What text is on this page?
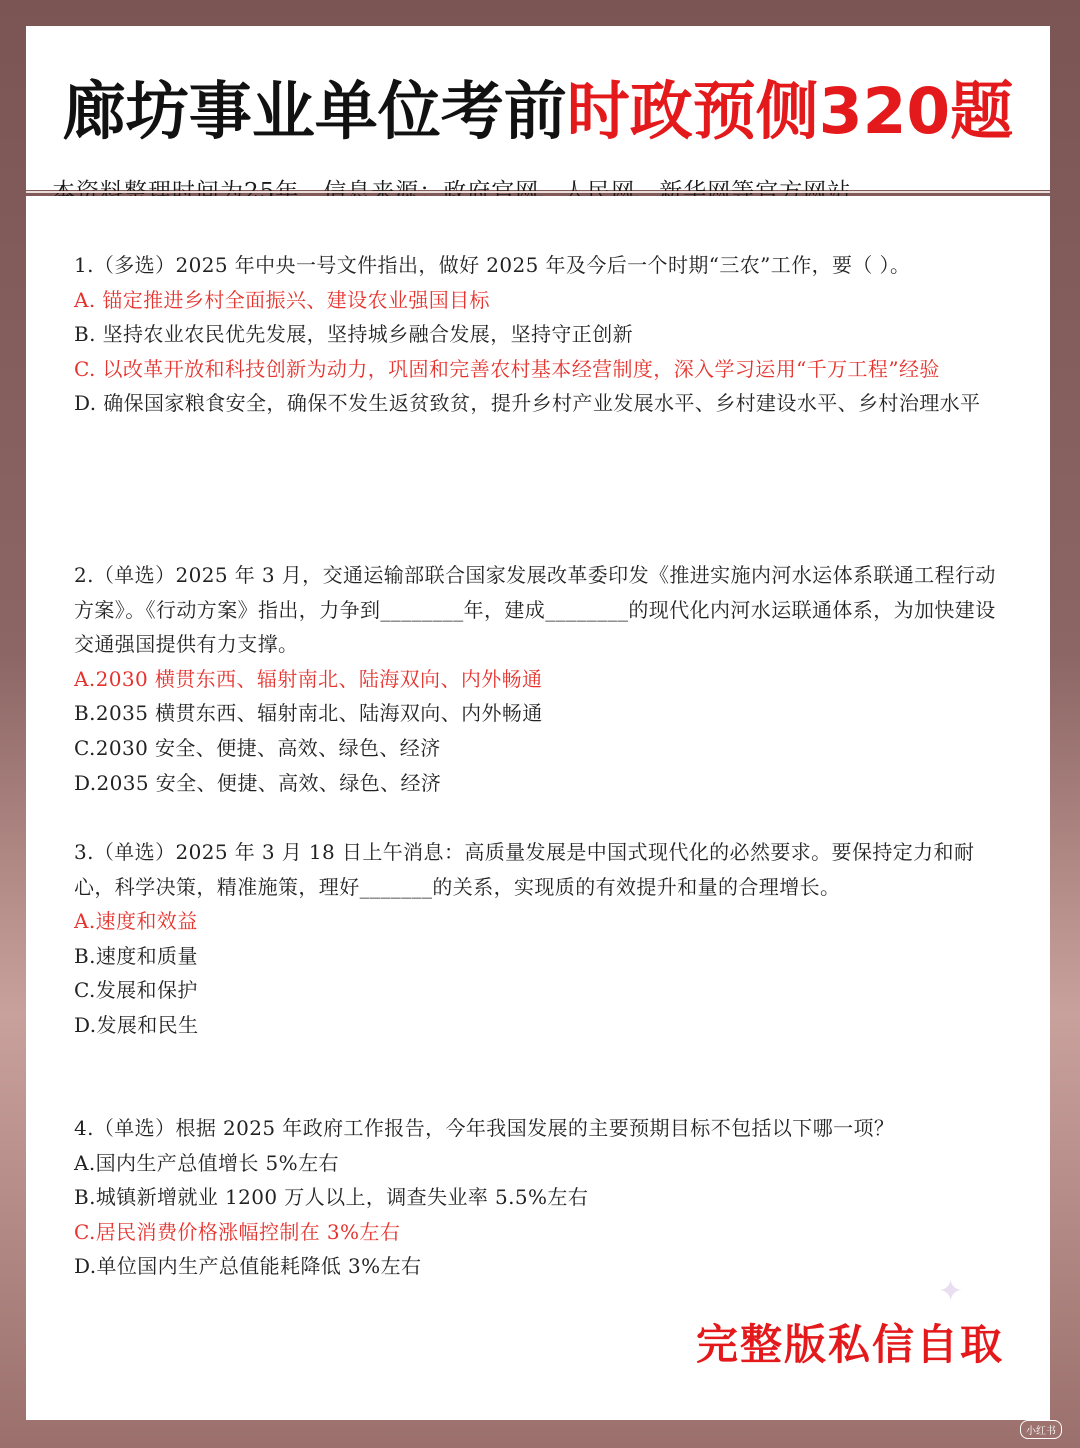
廊坊事业单位考前时政预侧320题
1.（多选）2025 年中央一号文件指出，做好 2025 年及今后一个时期“三农”工作，要（ ）。
A. 锚定推进乡村全面振兴、建设农业强国目标
B. 坚持农业农民优先发展，坚持城乡融合发展，坚持守正创新
C. 以改革开放和科技创新为动力，巩固和完善农村基本经营制度，深入学习运用“千万工程”经验
D. 确保国家粮食安全，确保不发生返贫致贫，提升乡村产业发展水平、乡村建设水平、乡村治理水平
2.（单选）2025 年 3 月，交通运输部联合国家发展改革委印发《推进实施内河水运体系联通工程行动方案》。《行动方案》指出，力争到________年，建成________的现代化内河水运联通体系，为加快建设交通强国提供有力支撑。
A.2030 横贯东西、辐射南北、陆海双向、内外畅通
B.2035 横贯东西、辐射南北、陆海双向、内外畅通
C.2030 安全、便捷、高效、绿色、经济
D.2035 安全、便捷、高效、绿色、经济
3.（单选）2025 年 3 月 18 日上午消息：高质量发展是中国式现代化的必然要求。要保持定力和耐心，科学决策，精准施策，理好_______的关系，实现质的有效提升和量的合理增长。
A.速度和效益
B.速度和质量
C.发展和保护
D.发展和民生
4.（单选）根据 2025 年政府工作报告，今年我国发展的主要预期目标不包括以下哪一项？
A.国内生产总值增长 5%左右
B.城镇新增就业 1200 万人以上，调查失业率 5.5%左右
C.居民消费价格涨幅控制在 3%左右
D.单位国内生产总值能耗降低 3%左右
✦
完整版私信自取
小红书
